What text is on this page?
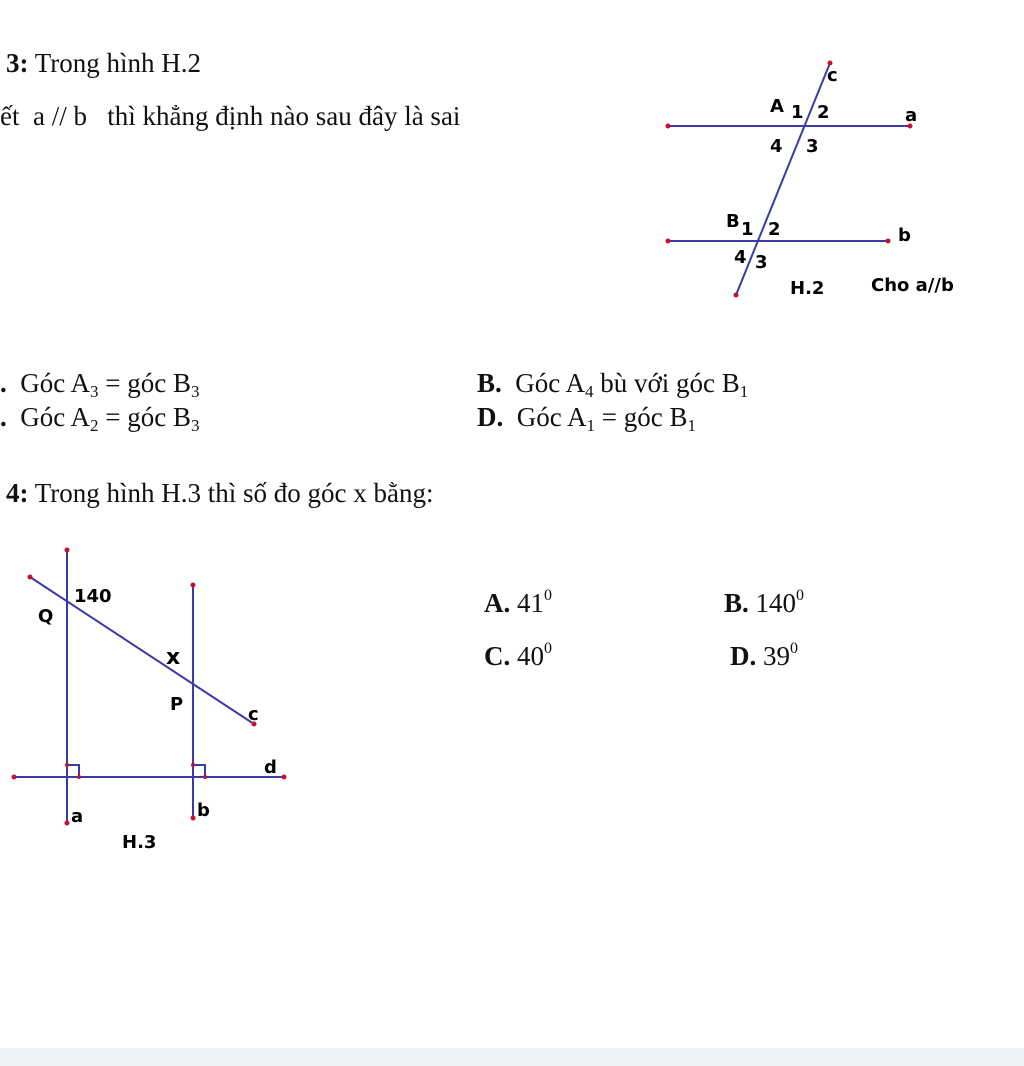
3: Trong hình H.2
ết a // b thì khẳng định nào sau đây là sai
c
a
b
A 1 2
4 3
B 1 2
4 3
H.2	Cho a//b
. Góc $A_3$ = góc $B_3$	B. Góc $A_4$ bù với góc $B_1$
. Góc $A_2$ = góc $B_3$	D. Góc $A_1$ = góc $B_1$
4: Trong hình H.3 thì số đo góc x bằng:
140
Q
x
P	c
d
a	b
H.3
A. $41^0$	B. $140^0$
C. $40^0$	D. $39^0$
